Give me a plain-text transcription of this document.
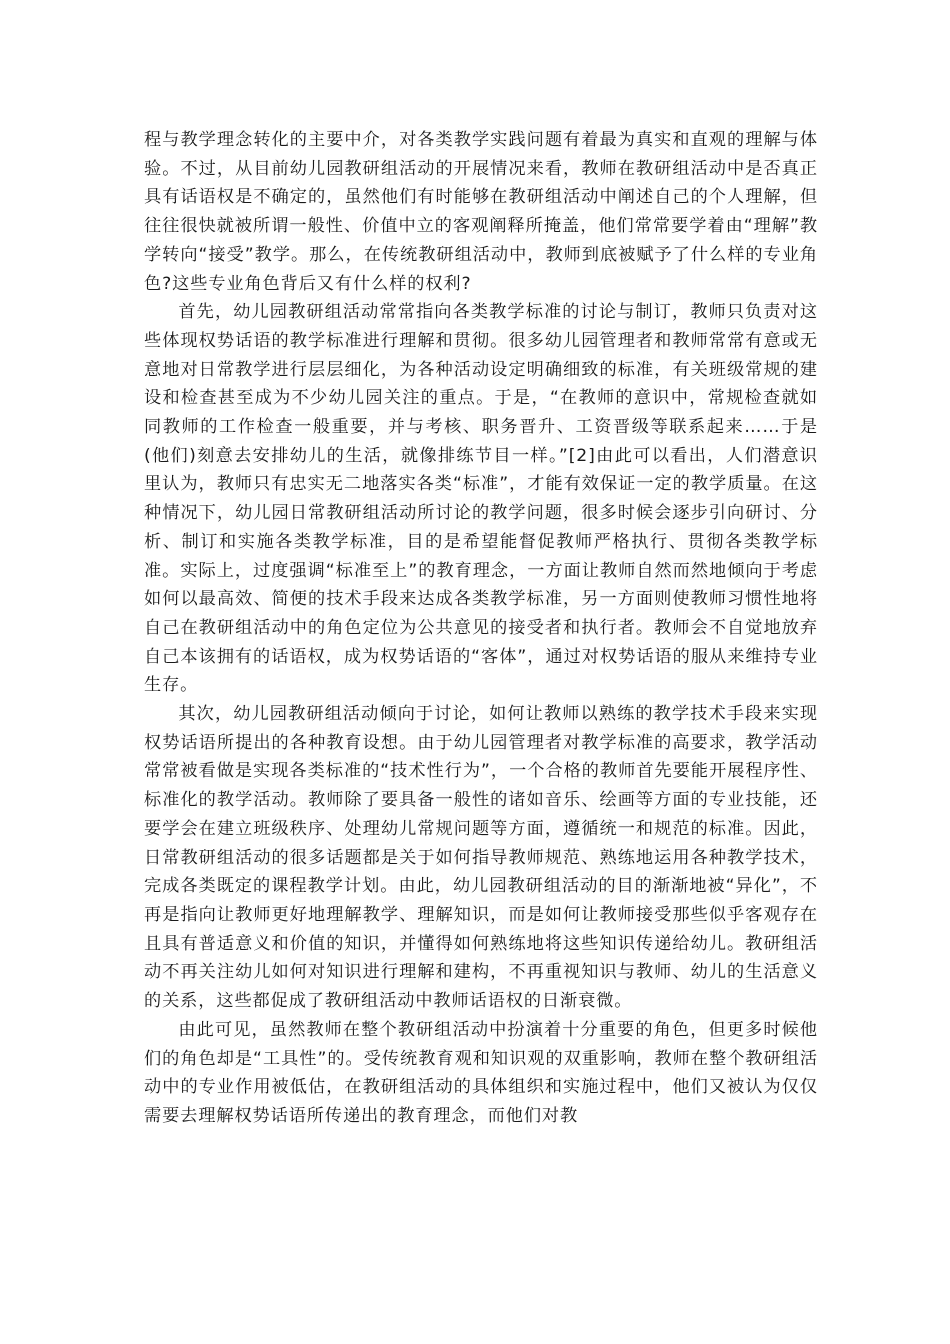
程与教学理念转化的主要中介，对各类教学实践问题有着最为真实和直观的理解与体验。不过，从目前幼儿园教研组活动的开展情况来看，教师在教研组活动中是否真正具有话语权是不确定的，虽然他们有时能够在教研组活动中阐述自己的个人理解，但往往很快就被所谓一般性、价值中立的客观阐释所掩盖，他们常常要学着由“理解”教学转向“接受”教学。那么，在传统教研组活动中，教师到底被赋予了什么样的专业角色?这些专业角色背后又有什么样的权利?

首先，幼儿园教研组活动常常指向各类教学标准的讨论与制订，教师只负责对这些体现权势话语的教学标准进行理解和贯彻。很多幼儿园管理者和教师常常有意或无意地对日常教学进行层层细化，为各种活动设定明确细致的标准，有关班级常规的建设和检查甚至成为不少幼儿园关注的重点。于是，“在教师的意识中，常规检查就如同教师的工作检查一般重要，并与考核、职务晋升、工资晋级等联系起来……于是(他们)刻意去安排幼儿的生活，就像排练节目一样。”[2]由此可以看出，人们潜意识里认为，教师只有忠实无二地落实各类“标准”，才能有效保证一定的教学质量。在这种情况下，幼儿园日常教研组活动所讨论的教学问题，很多时候会逐步引向研讨、分析、制订和实施各类教学标准，目的是希望能督促教师严格执行、贯彻各类教学标准。实际上，过度强调“标准至上”的教育理念，一方面让教师自然而然地倾向于考虑如何以最高效、简便的技术手段来达成各类教学标准，另一方面则使教师习惯性地将自己在教研组活动中的角色定位为公共意见的接受者和执行者。教师会不自觉地放弃自己本该拥有的话语权，成为权势话语的“客体”，通过对权势话语的服从来维持专业生存。

其次，幼儿园教研组活动倾向于讨论，如何让教师以熟练的教学技术手段来实现权势话语所提出的各种教育设想。由于幼儿园管理者对教学标准的高要求，教学活动常常被看做是实现各类标准的“技术性行为”，一个合格的教师首先要能开展程序性、标准化的教学活动。教师除了要具备一般性的诸如音乐、绘画等方面的专业技能，还要学会在建立班级秩序、处理幼儿常规问题等方面，遵循统一和规范的标准。因此，日常教研组活动的很多话题都是关于如何指导教师规范、熟练地运用各种教学技术，完成各类既定的课程教学计划。由此，幼儿园教研组活动的目的渐渐地被“异化”，不再是指向让教师更好地理解教学、理解知识，而是如何让教师接受那些似乎客观存在且具有普适意义和价值的知识，并懂得如何熟练地将这些知识传递给幼儿。教研组活动不再关注幼儿如何对知识进行理解和建构，不再重视知识与教师、幼儿的生活意义的关系，这些都促成了教研组活动中教师话语权的日渐衰微。

由此可见，虽然教师在整个教研组活动中扮演着十分重要的角色，但更多时候他们的角色却是“工具性”的。受传统教育观和知识观的双重影响，教师在整个教研组活动中的专业作用被低估，在教研组活动的具体组织和实施过程中，他们又被认为仅仅需要去理解权势话语所传递出的教育理念，而他们对教
